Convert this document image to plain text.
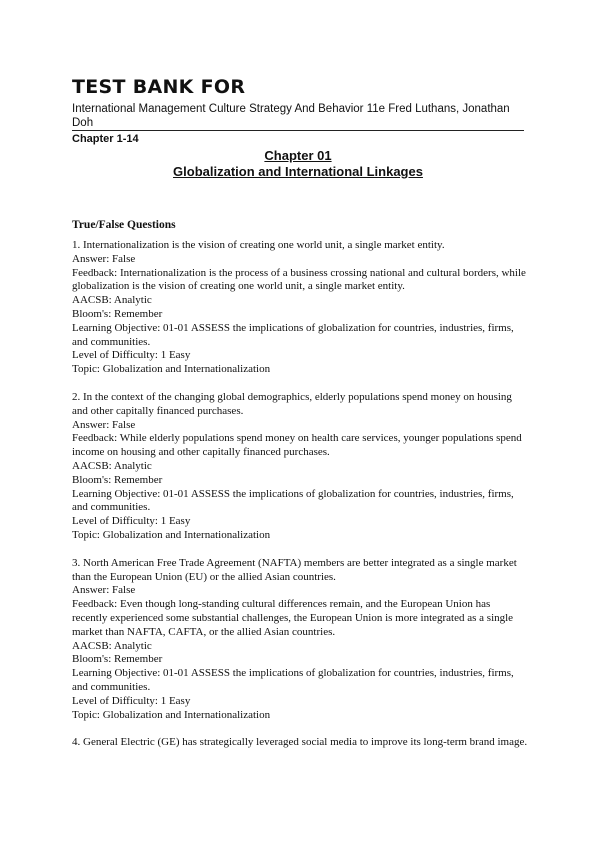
TEST BANK FOR

International Management Culture Strategy And Behavior 11e Fred Luthans, Jonathan Doh

Chapter 1-14

Chapter 01
Globalization and International Linkages
True/False Questions

1. Internationalization is the vision of creating one world unit, a single market entity.

Answer: False

Feedback: Internationalization is the process of a business crossing national and cultural borders, while globalization is the vision of creating one world unit, a single market entity.

AACSB: Analytic

Bloom's: Remember

Learning Objective: 01-01 ASSESS the implications of globalization for countries, industries, firms, and communities.

Level of Difficulty: 1 Easy

Topic: Globalization and Internationalization

2. In the context of the changing global demographics, elderly populations spend money on housing and other capitally financed purchases.

Answer: False

Feedback: While elderly populations spend money on health care services, younger populations spend income on housing and other capitally financed purchases.

AACSB: Analytic

Bloom's: Remember

Learning Objective: 01-01 ASSESS the implications of globalization for countries, industries, firms, and communities.

Level of Difficulty: 1 Easy

Topic: Globalization and Internationalization

3. North American Free Trade Agreement (NAFTA) members are better integrated as a single market than the European Union (EU) or the allied Asian countries.

Answer: False

Feedback: Even though long-standing cultural differences remain, and the European Union has recently experienced some substantial challenges, the European Union is more integrated as a single market than NAFTA, CAFTA, or the allied Asian countries.

AACSB: Analytic

Bloom's: Remember

Learning Objective: 01-01 ASSESS the implications of globalization for countries, industries, firms, and communities.

Level of Difficulty: 1 Easy

Topic: Globalization and Internationalization

4. General Electric (GE) has strategically leveraged social media to improve its long-term brand image.
